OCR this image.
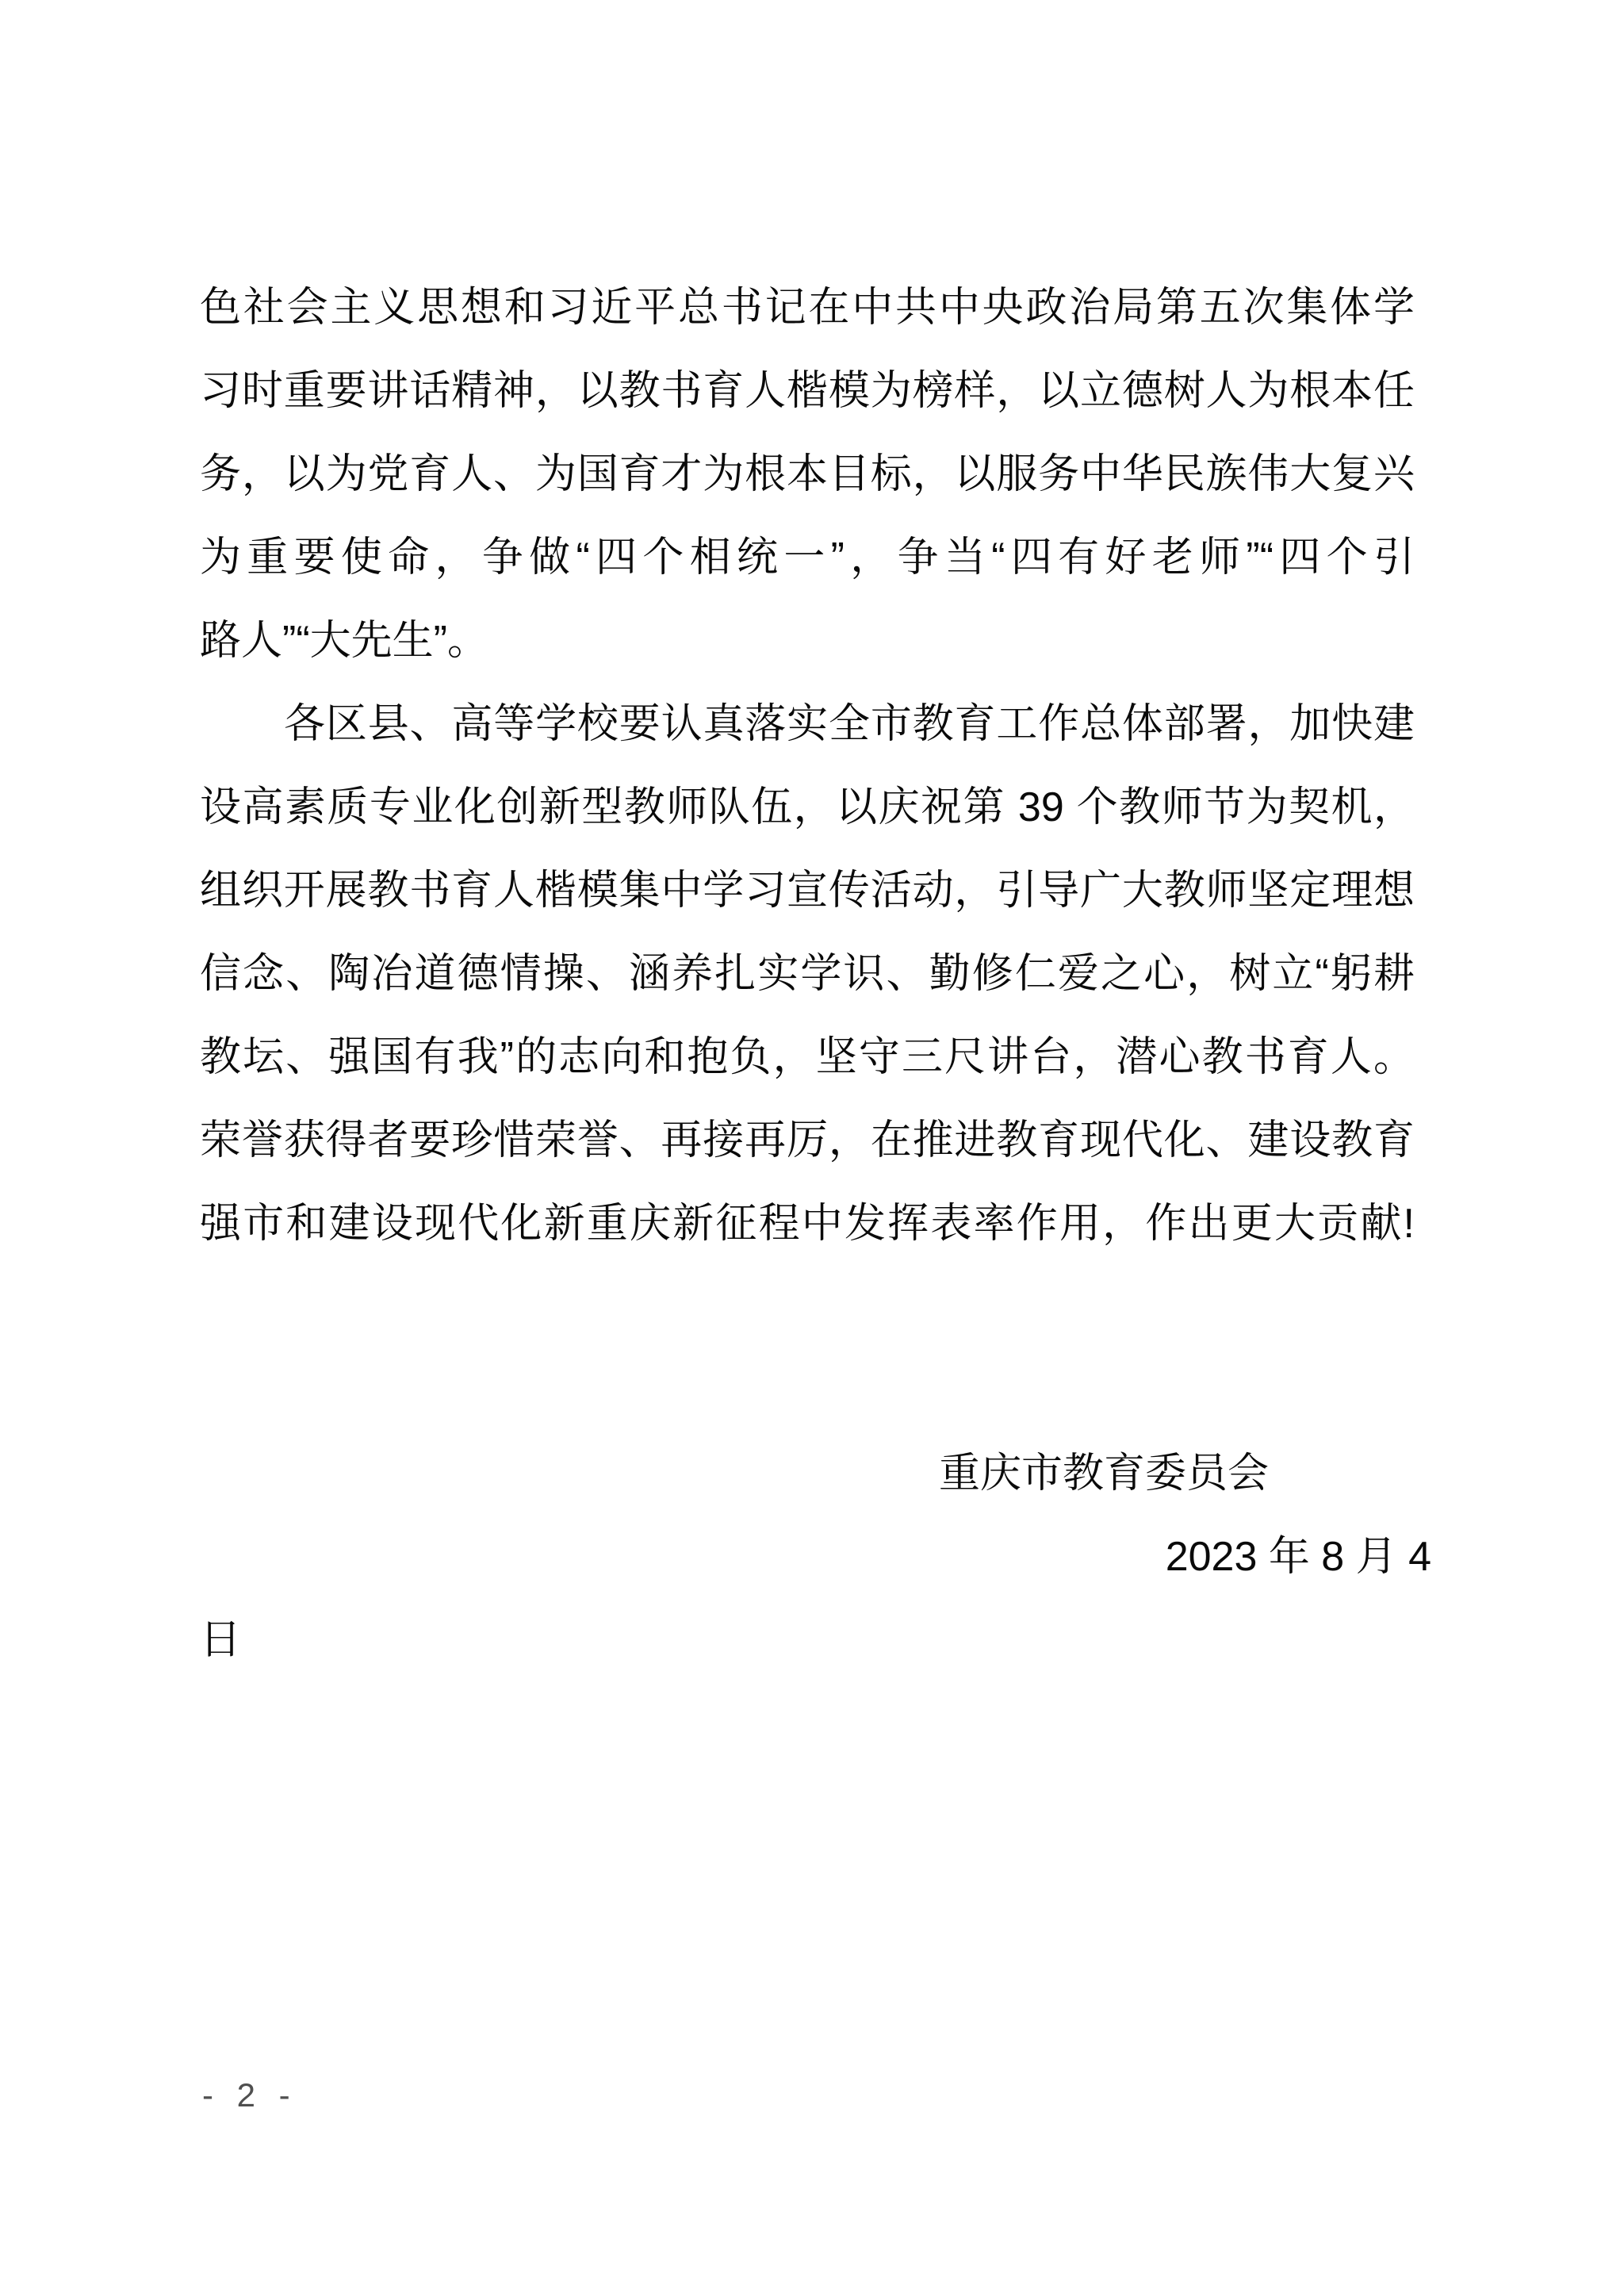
色社会主义思想和习近平总书记在中共中央政治局第五次集体学
习时重要讲话精神，以教书育人楷模为榜样，以立德树人为根本任
务，以为党育人、为国育才为根本目标，以服务中华民族伟大复兴
为重要使命，争做“四个相统一”，争当“四有好老师”“四个引
路人”“大先生”。
各区县、高等学校要认真落实全市教育工作总体部署，加快建
设高素质专业化创新型教师队伍，以庆祝第 39 个教师节为契机，
组织开展教书育人楷模集中学习宣传活动，引导广大教师坚定理想
信念、陶冶道德情操、涵养扎实学识、勤修仁爱之心，树立“躬耕
教坛、强国有我”的志向和抱负，坚守三尺讲台，潜心教书育人。
荣誉获得者要珍惜荣誉、再接再厉，在推进教育现代化、建设教育
强市和建设现代化新重庆新征程中发挥表率作用，作出更大贡献!
重庆市教育委员会
2023 年 8 月 4
日
- 2 -
